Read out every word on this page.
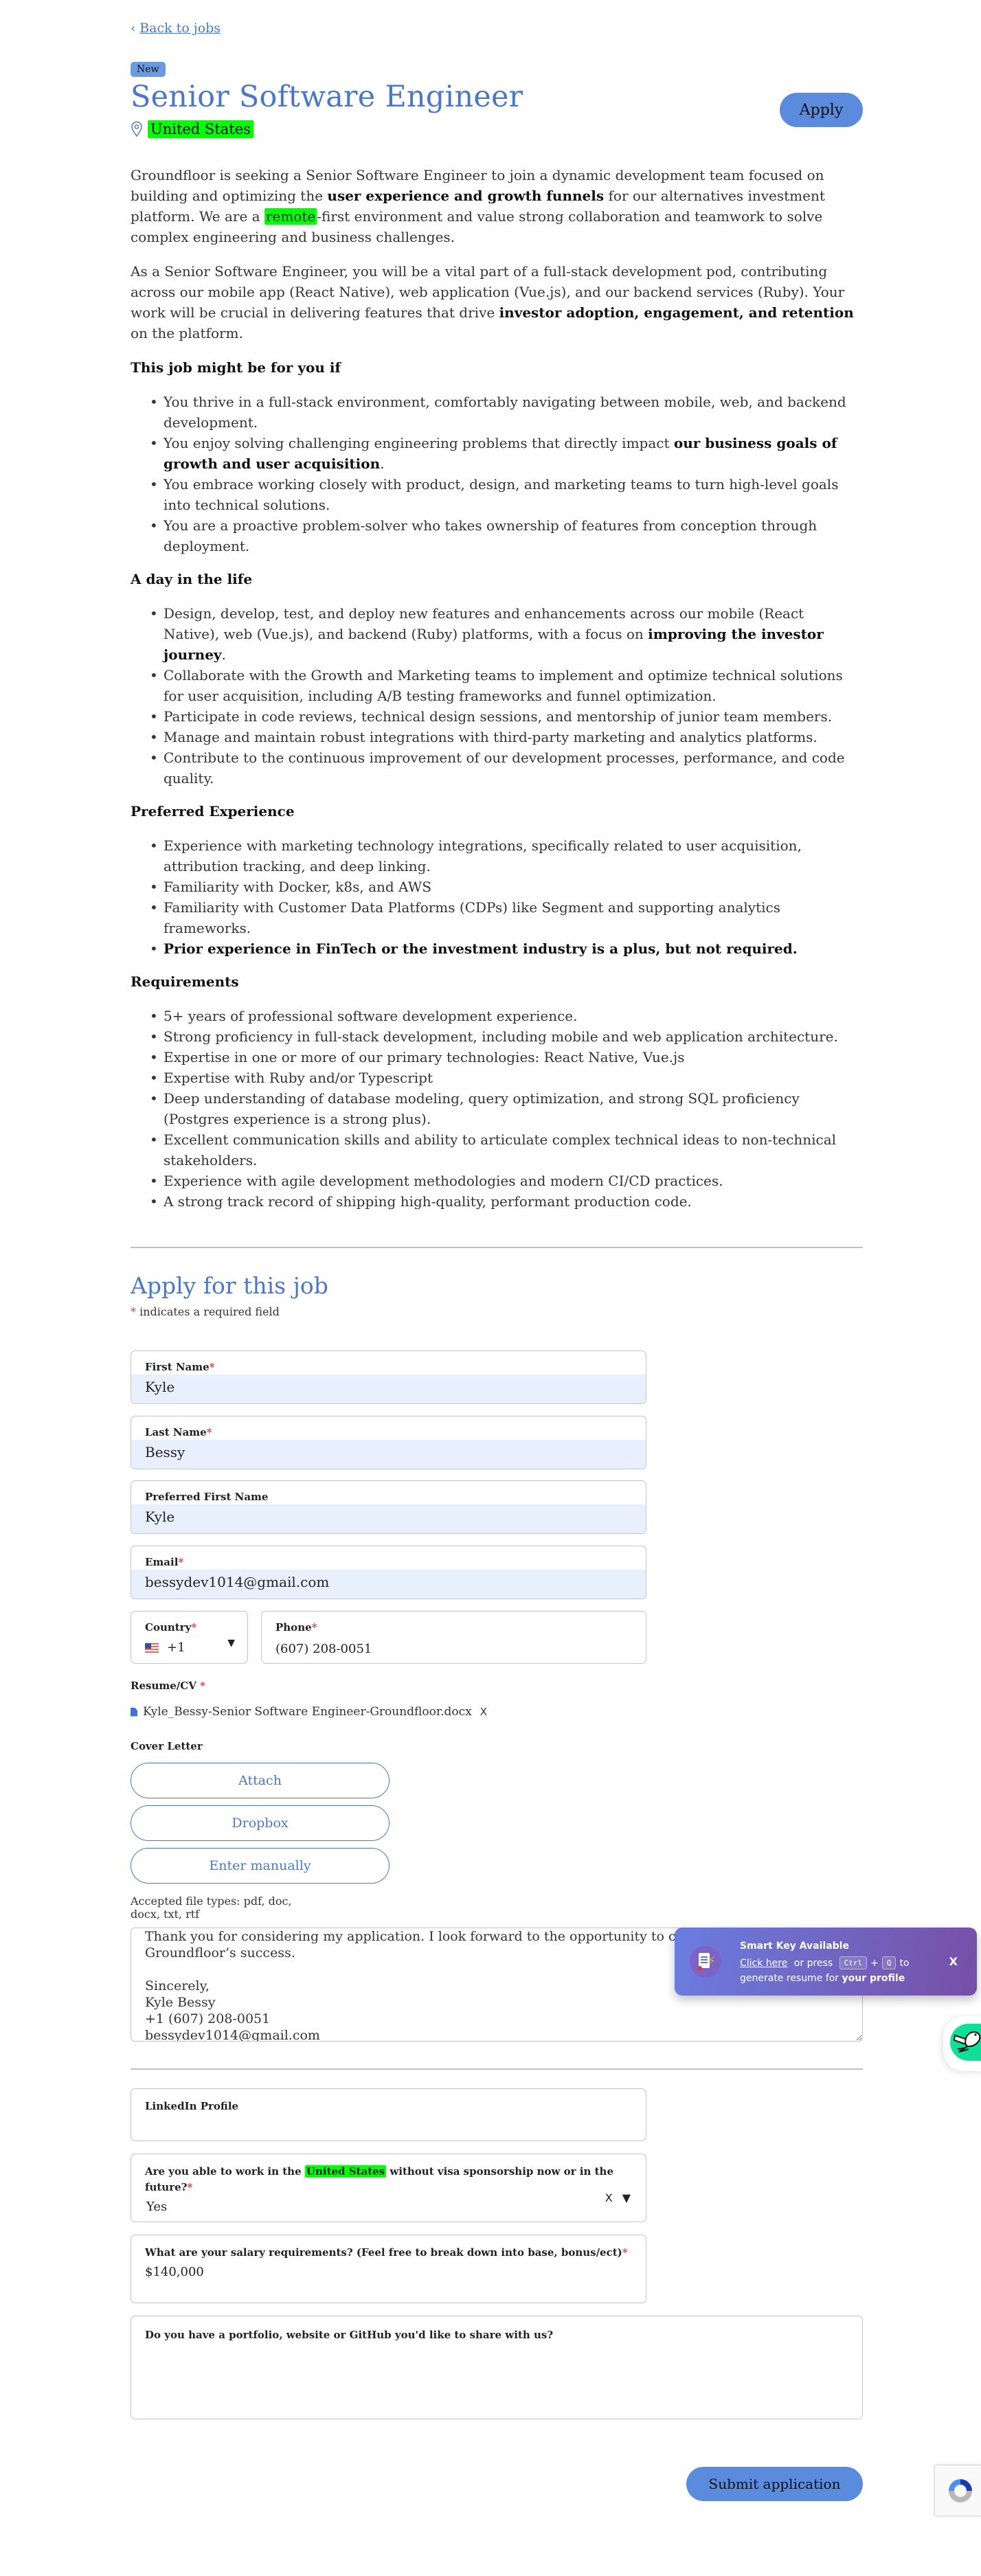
‹ Back to jobs
New
Senior Software Engineer
United States
Apply

Groundfloor is seeking a Senior Software Engineer to join a dynamic development team focused on building and optimizing the user experience and growth funnels for our alternatives investment platform. We are a remote -first environment and value strong collaboration and teamwork to solve complex engineering and business challenges.

As a Senior Software Engineer, you will be a vital part of a full-stack development pod, contributing across our mobile app (React Native), web application (Vue.js), and our backend services (Ruby). Your work will be crucial in delivering features that drive investor adoption, engagement, and retention on the platform.

This job might be for you if
• You thrive in a full-stack environment, comfortably navigating between mobile, web, and backend development.
• You enjoy solving challenging engineering problems that directly impact our business goals of growth and user acquisition.
• You embrace working closely with product, design, and marketing teams to turn high-level goals into technical solutions.
• You are a proactive problem-solver who takes ownership of features from conception through deployment.
A day in the life
• Design, develop, test, and deploy new features and enhancements across our mobile (React Native), web (Vue.js), and backend (Ruby) platforms, with a focus on improving the investor journey.
• Collaborate with the Growth and Marketing teams to implement and optimize technical solutions for user acquisition, including A/B testing frameworks and funnel optimization.
• Participate in code reviews, technical design sessions, and mentorship of junior team members.
• Manage and maintain robust integrations with third-party marketing and analytics platforms.
• Contribute to the continuous improvement of our development processes, performance, and code quality.
Preferred Experience
• Experience with marketing technology integrations, specifically related to user acquisition, attribution tracking, and deep linking.
• Familiarity with Docker, k8s, and AWS
• Familiarity with Customer Data Platforms (CDPs) like Segment and supporting analytics frameworks.
• Prior experience in FinTech or the investment industry is a plus, but not required.
Requirements
• 5+ years of professional software development experience.
• Strong proficiency in full-stack development, including mobile and web application architecture.
• Expertise in one or more of our primary technologies: React Native, Vue.js
• Expertise with Ruby and/or Typescript
• Deep understanding of database modeling, query optimization, and strong SQL proficiency (Postgres experience is a strong plus).
• Excellent communication skills and ability to articulate complex technical ideas to non-technical stakeholders.
• Experience with agile development methodologies and modern CI/CD practices.
• A strong track record of shipping high-quality, performant production code.
Apply for this job
* indicates a required field
First Name*
Kyle
Last Name*
Bessy
Preferred First Name
Kyle
Email*
bessydev1014@gmail.com
Country*
+1	▼
Phone*
(607) 208-0051
Resume/CV *
Kyle_Bessy-Senior Software Engineer-Groundfloor.docx X
Cover Letter
Attach
Dropbox
Enter manually
Accepted file types: pdf, doc, docx, txt, rtf
Thank you for considering my application. I look forward to the opportunity to contribute to Groundfloor’s success. Sincerely, Kyle Bessy +1 (607) 208-0051 bessydev1014@gmail.com
LinkedIn Profile
Are you able to work in the United States without visa sponsorship now or in the future?*
Yes
X ▼
What are your salary requirements? (Feel free to break down into base, bonus/ect)*
$140,000
Do you have a portfolio, website or GitHub you'd like to share with us?
Submit application
⚡
Smart Key Available
Click here or press	Ctrl +	Q to
generate resume for your profile
X
